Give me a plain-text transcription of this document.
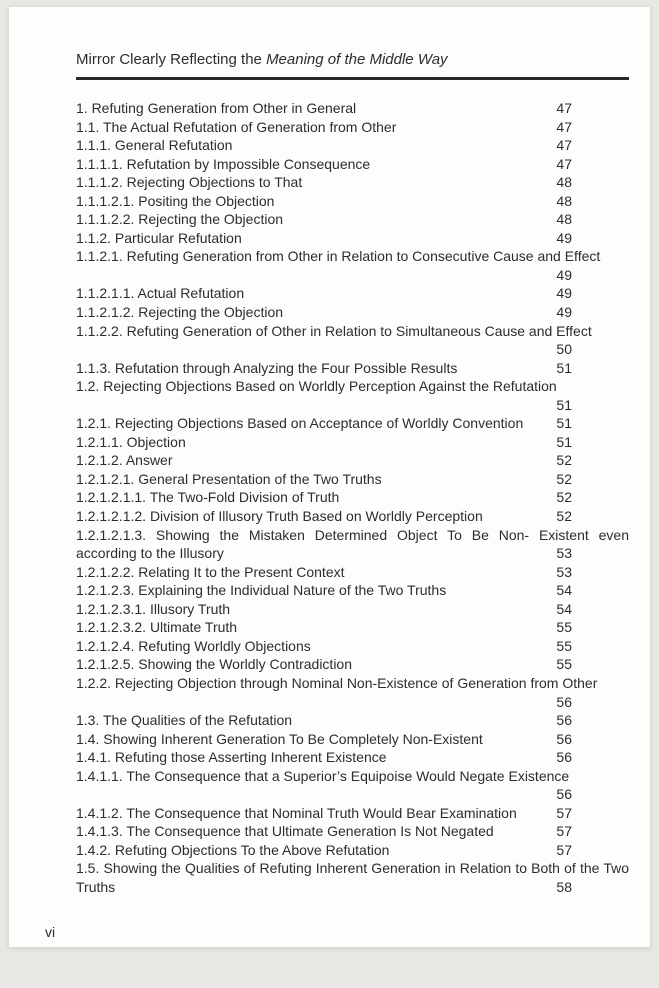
Mirror Clearly Reflecting the Meaning of the Middle Way
1. Refuting Generation from Other in General	47
1.1. The Actual Refutation of Generation from Other	47
1.1.1. General Refutation	47
1.1.1.1. Refutation by Impossible Consequence	47
1.1.1.2. Rejecting Objections to That	48
1.1.1.2.1. Positing the Objection	48
1.1.1.2.2. Rejecting the Objection	48
1.1.2. Particular Refutation	49
1.1.2.1. Refuting Generation from Other in Relation to Consecutive Cause and Effect
49
1.1.2.1.1. Actual Refutation	49
1.1.2.1.2. Rejecting the Objection	49
1.1.2.2. Refuting Generation of Other in Relation to Simultaneous Cause and Effect
50
1.1.3. Refutation through Analyzing the Four Possible Results	51
1.2. Rejecting Objections Based on Worldly Perception Against the Refutation
51
1.2.1. Rejecting Objections Based on Acceptance of Worldly Convention 51
1.2.1.1. Objection	51
1.2.1.2. Answer	52
1.2.1.2.1. General Presentation of the Two Truths	52
1.2.1.2.1.1. The Two-Fold Division of Truth	52
1.2.1.2.1.2. Division of Illusory Truth Based on Worldly Perception	52
1.2.1.2.1.3. Showing the Mistaken Determined Object To Be Non- Existent even according to the Illusory	53
1.2.1.2.2. Relating It to the Present Context	53
1.2.1.2.3. Explaining the Individual Nature of the Two Truths	54
1.2.1.2.3.1. Illusory Truth	54
1.2.1.2.3.2. Ultimate Truth	55
1.2.1.2.4. Refuting Worldly Objections	55
1.2.1.2.5. Showing the Worldly Contradiction	55
1.2.2. Rejecting Objection through Nominal Non-Existence of Generation from Other
56
1.3. The Qualities of the Refutation	56
1.4. Showing Inherent Generation To Be Completely Non-Existent	56
1.4.1. Refuting those Asserting Inherent Existence	56
1.4.1.1. The Consequence that a Superior’s Equipoise Would Negate Existence
56
1.4.1.2. The Consequence that Nominal Truth Would Bear Examination	57
1.4.1.3. The Consequence that Ultimate Generation Is Not Negated	57
1.4.2. Refuting Objections To the Above Refutation	57
1.5. Showing the Qualities of Refuting Inherent Generation in Relation to Both of the Two Truths	58
vi
